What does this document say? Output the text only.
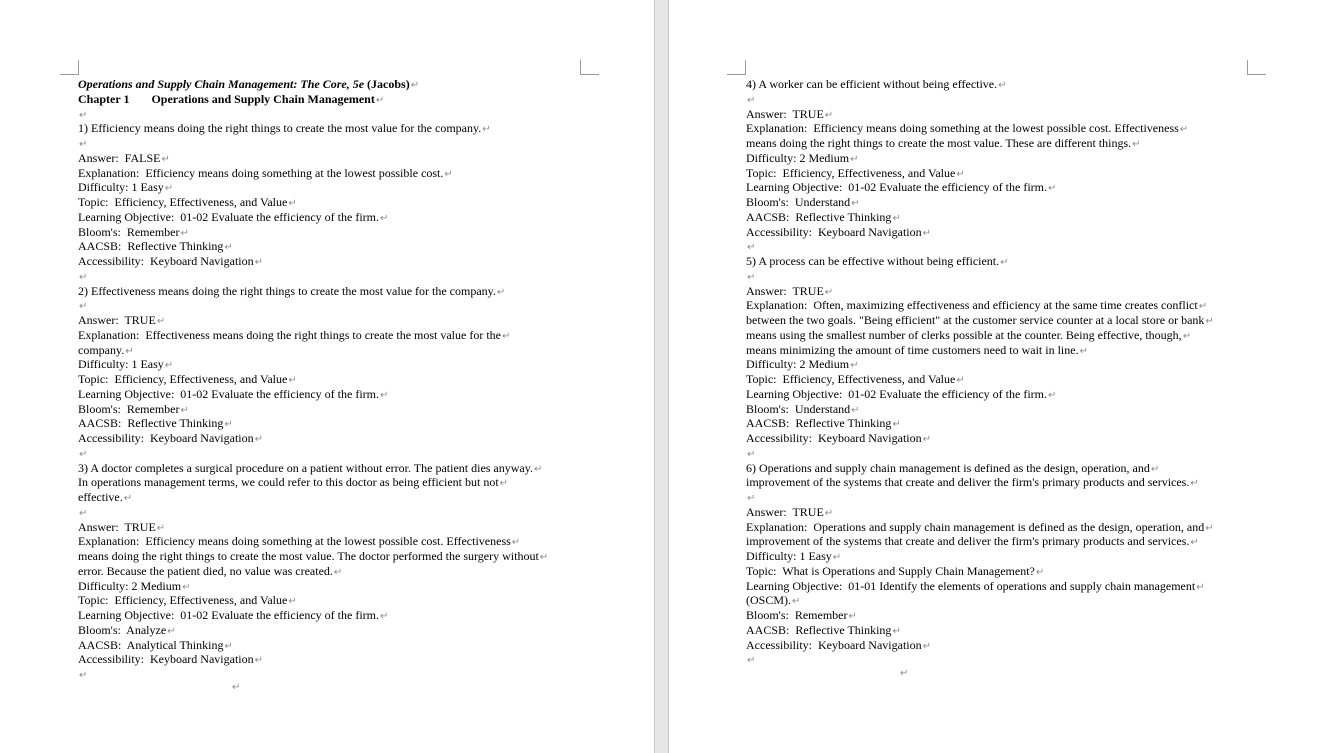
Operations and Supply Chain Management: The Core, 5e (Jacobs)↵
Chapter 1 Operations and Supply Chain Management↵
↵
1) Efficiency means doing the right things to create the most value for the company.↵
↵
Answer:  FALSE↵
Explanation:  Efficiency means doing something at the lowest possible cost.↵
Difficulty: 1 Easy↵
Topic:  Efficiency, Effectiveness, and Value↵
Learning Objective:  01-02 Evaluate the efficiency of the firm.↵
Bloom's:  Remember↵
AACSB:  Reflective Thinking↵
Accessibility:  Keyboard Navigation↵
↵
2) Effectiveness means doing the right things to create the most value for the company.↵
↵
Answer:  TRUE↵
Explanation:  Effectiveness means doing the right things to create the most value for the↵
company.↵
Difficulty: 1 Easy↵
Topic:  Efficiency, Effectiveness, and Value↵
Learning Objective:  01-02 Evaluate the efficiency of the firm.↵
Bloom's:  Remember↵
AACSB:  Reflective Thinking↵
Accessibility:  Keyboard Navigation↵
↵
3) A doctor completes a surgical procedure on a patient without error. The patient dies anyway.↵
In operations management terms, we could refer to this doctor as being efficient but not↵
effective.↵
↵
Answer:  TRUE↵
Explanation:  Efficiency means doing something at the lowest possible cost. Effectiveness↵
means doing the right things to create the most value. The doctor performed the surgery without↵
error. Because the patient died, no value was created.↵
Difficulty: 2 Medium↵
Topic:  Efficiency, Effectiveness, and Value↵
Learning Objective:  01-02 Evaluate the efficiency of the firm.↵
Bloom's:  Analyze↵
AACSB:  Analytical Thinking↵
Accessibility:  Keyboard Navigation↵
↵
↵
4) A worker can be efficient without being effective.↵
↵
Answer:  TRUE↵
Explanation:  Efficiency means doing something at the lowest possible cost. Effectiveness↵
means doing the right things to create the most value. These are different things.↵
Difficulty: 2 Medium↵
Topic:  Efficiency, Effectiveness, and Value↵
Learning Objective:  01-02 Evaluate the efficiency of the firm.↵
Bloom's:  Understand↵
AACSB:  Reflective Thinking↵
Accessibility:  Keyboard Navigation↵
↵
5) A process can be effective without being efficient.↵
↵
Answer:  TRUE↵
Explanation:  Often, maximizing effectiveness and efficiency at the same time creates conflict↵
between the two goals. "Being efficient" at the customer service counter at a local store or bank↵
means using the smallest number of clerks possible at the counter. Being effective, though,↵
means minimizing the amount of time customers need to wait in line.↵
Difficulty: 2 Medium↵
Topic:  Efficiency, Effectiveness, and Value↵
Learning Objective:  01-02 Evaluate the efficiency of the firm.↵
Bloom's:  Understand↵
AACSB:  Reflective Thinking↵
Accessibility:  Keyboard Navigation↵
↵
6) Operations and supply chain management is defined as the design, operation, and↵
improvement of the systems that create and deliver the firm's primary products and services.↵
↵
Answer:  TRUE↵
Explanation:  Operations and supply chain management is defined as the design, operation, and↵
improvement of the systems that create and deliver the firm's primary products and services.↵
Difficulty: 1 Easy↵
Topic:  What is Operations and Supply Chain Management?↵
Learning Objective:  01-01 Identify the elements of operations and supply chain management↵
(OSCM).↵
Bloom's:  Remember↵
AACSB:  Reflective Thinking↵
Accessibility:  Keyboard Navigation↵
↵
↵
